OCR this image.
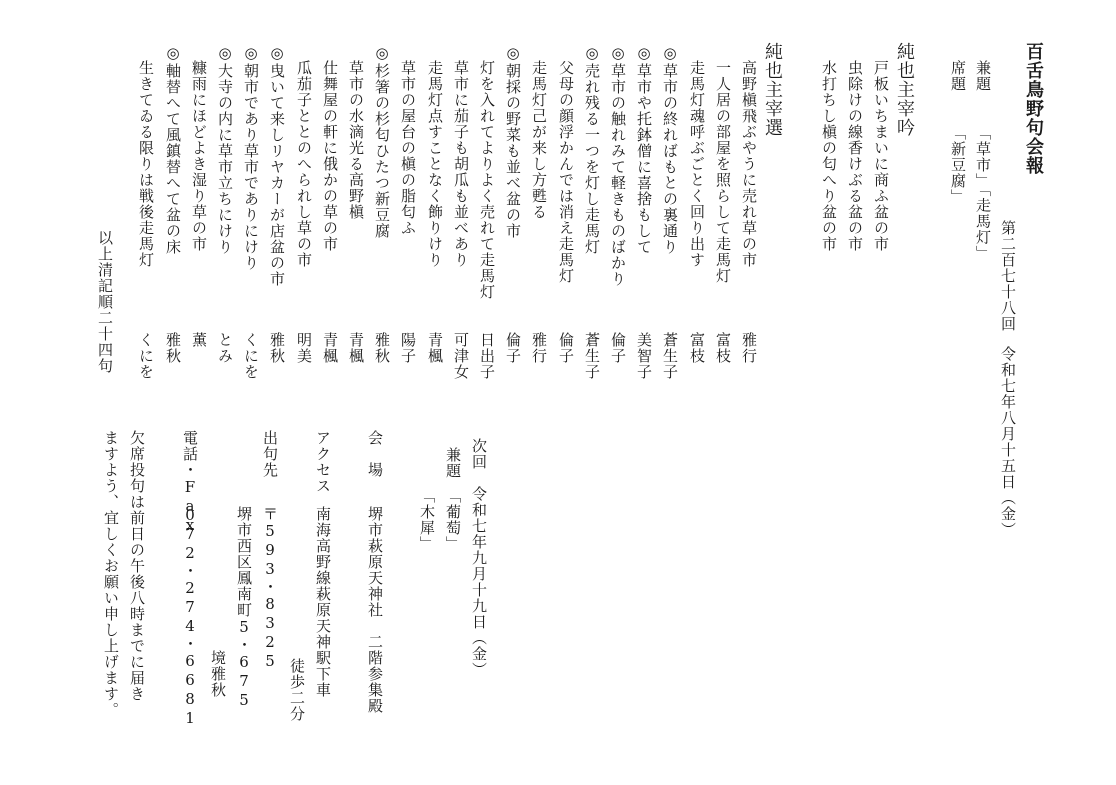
百舌鳥野句会報
第二百七十八回
令和七年八月十五日（金）
兼題
「草市」「走馬灯」
席題
「新豆腐」
純也主宰吟
戸板いちまいに商ふ盆の市
虫除けの線香けぶる盆の市
水打ちし槇の匂へり盆の市
純也主宰選
高野槇飛ぶやうに売れ草の市
雅行
一人居の部屋を照らして走馬灯
富枝
走馬灯魂呼ぶごとく回り出す
富枝
◎草市の終ればもとの裏通り
蒼生子
◎草市や托鉢僧に喜捨もして
美智子
◎草市の触れみて軽きものばかり
倫子
◎売れ残る一つを灯し走馬灯
蒼生子
父母の顔浮かんでは消え走馬灯
倫子
走馬灯己が来し方甦る
雅行
◎朝採の野菜も並べ盆の市
倫子
灯を入れてよりよく売れて走馬灯
日出子
草市に茄子も胡瓜も並べあり
可津女
走馬灯点すことなく飾りけり
青楓
草市の屋台の槇の脂匂ふ
陽子
◎杉箸の杉匂ひたつ新豆腐
雅秋
草市の水滴光る高野槇
青楓
仕舞屋の軒に俄かの草の市
青楓
瓜茄子ととのへられし草の市
明美
◎曳いて来しリヤカーが店盆の市
雅秋
◎朝市であり草市でありにけり
くにを
◎大寺の内に草市立ちにけり
とみ
糠雨にほどよき湿り草の市
薫
◎軸替へて風鎮替へて盆の床
雅秋
生きてゐる限りは戦後走馬灯
くにを
以上清記順二十四句
次回　令和七年九月十九日（金）
兼題
「葡萄」
「木犀」
会　場
堺市萩原天神社　二階参集殿
アクセス
南海高野線萩原天神駅下車
徒歩二分
出句先
〒593・8325
堺市西区鳳南町5・675
境雅秋
電話・Fax
072・274・6681
欠席投句は前日の午後八時までに届き
ますよう、宜しくお願い申し上げます。
